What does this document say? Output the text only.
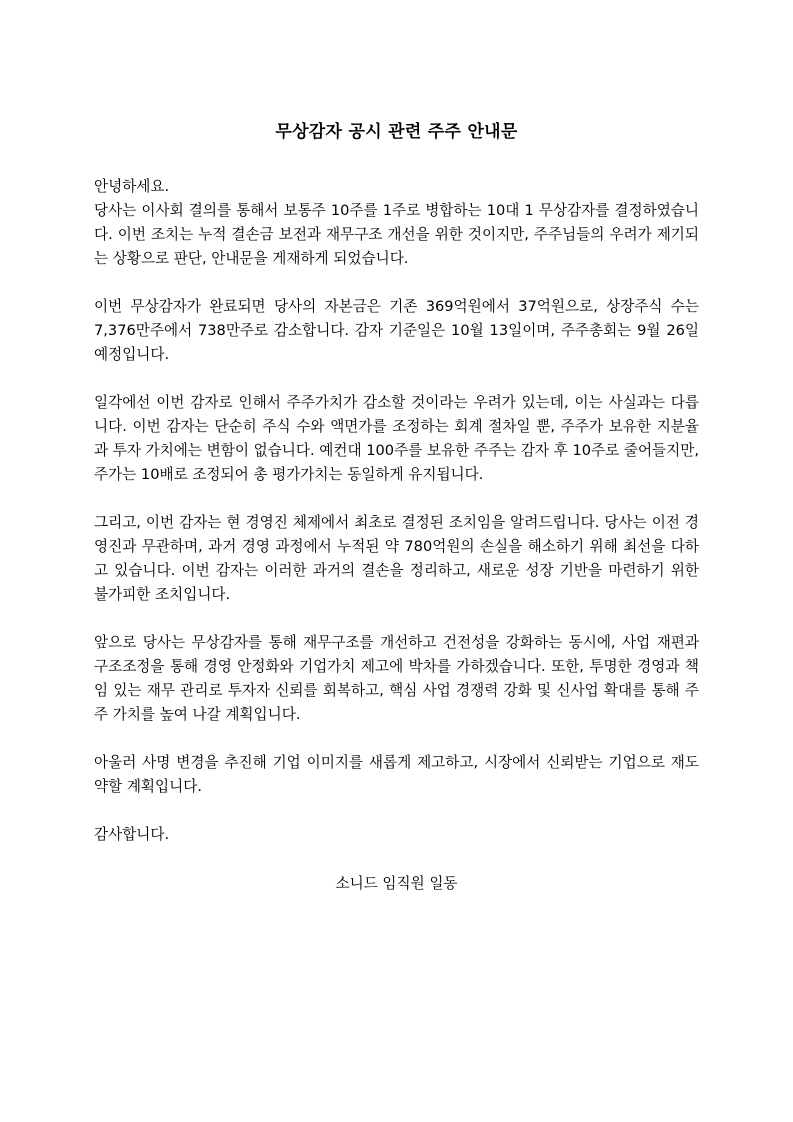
무상감자 공시 관련 주주 안내문

안녕하세요.

당사는 이사회 결의를 통해서 보통주 10주를 1주로 병합하는 10대 1 무상감자를 결정하였습니다. 이번 조치는 누적 결손금 보전과 재무구조 개선을 위한 것이지만, 주주님들의 우려가 제기되는 상황으로 판단, 안내문을 게재하게 되었습니다.

이번 무상감자가 완료되면 당사의 자본금은 기존 369억원에서 37억원으로, 상장주식 수는 7,376만주에서 738만주로 감소합니다. 감자 기준일은 10월 13일이며, 주주총회는 9월 26일 예정입니다.

일각에선 이번 감자로 인해서 주주가치가 감소할 것이라는 우려가 있는데, 이는 사실과는 다릅니다. 이번 감자는 단순히 주식 수와 액면가를 조정하는 회계 절차일 뿐, 주주가 보유한 지분율과 투자 가치에는 변함이 없습니다. 예컨대 100주를 보유한 주주는 감자 후 10주로 줄어들지만, 주가는 10배로 조정되어 총 평가가치는 동일하게 유지됩니다.

그리고, 이번 감자는 현 경영진 체제에서 최초로 결정된 조치임을 알려드립니다. 당사는 이전 경영진과 무관하며, 과거 경영 과정에서 누적된 약 780억원의 손실을 해소하기 위해 최선을 다하고 있습니다. 이번 감자는 이러한 과거의 결손을 정리하고, 새로운 성장 기반을 마련하기 위한 불가피한 조치입니다.

앞으로 당사는 무상감자를 통해 재무구조를 개선하고 건전성을 강화하는 동시에, 사업 재편과 구조조정을 통해 경영 안정화와 기업가치 제고에 박차를 가하겠습니다. 또한, 투명한 경영과 책임 있는 재무 관리로 투자자 신뢰를 회복하고, 핵심 사업 경쟁력 강화 및 신사업 확대를 통해 주주 가치를 높여 나갈 계획입니다.

아울러 사명 변경을 추진해 기업 이미지를 새롭게 제고하고, 시장에서 신뢰받는 기업으로 재도약할 계획입니다.

감사합니다.

소니드 임직원 일동
